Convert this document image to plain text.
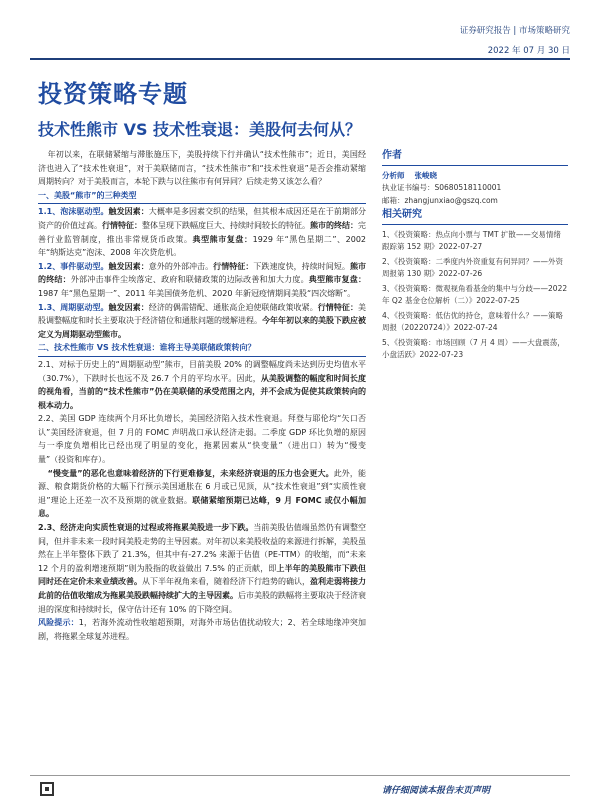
证券研究报告 | 市场策略研究
2022 年 07 月 30 日
投资策略专题
技术性熊市 VS 技术性衰退：美股何去何从？

年初以来，在联储紧缩与滞胀施压下，美股持续下行并确认“技术性熊市”；近日，美国经济也进入了“技术性衰退”，对于美联储而言，“技术性熊市”和“技术性衰退”是否会推动紧缩周期转向？对于美股而言，本轮下跌与以往熊市有何异同？后续走势又该怎么看？

一、美股“熊市”的三种类型

1.1、泡沫驱动型。触发因素：大概率是多因素交织的结果，但其根本成因还是在于前期部分资产的价值过高。行情特征：整体呈现下跌幅度巨大、持续时间较长的特征。熊市的终结：完善行业监管制度，推出非常规货币政策。典型熊市复盘：1929 年“黑色星期二”、2002 年“纳斯达克”泡沫、2008 年次贷危机。

1.2、事件驱动型。触发因素：意外的外部冲击。行情特征：下跌速度快，持续时间短。熊市的终结：外部冲击事件尘埃落定、政府和联储政策的边际改善和加大力度。典型熊市复盘：1987 年“黑色星期一”、2011 年美国债务危机、2020 年新冠疫情期间美股“四次熔断”。

1.3、周期驱动型。触发因素：经济的偶需错配、通胀高企迫使联储政策收紧。行情特征：美股调整幅度和时长主要取决于经济错位和通胀问题的缓解进程。今年年初以来的美股下跌应被定义为周期驱动型熊市。

二、技术性熊市 VS 技术性衰退：谁将主导美联储政策转向？

2.1、对标于历史上的“周期驱动型”熊市，目前美股 20% 的调整幅度尚未达到历史均值水平（30.7%），下跌时长也远不及 26.7 个月的平均水平。因此，从美股调整的幅度和时间长度的视角看，当前的“技术性熊市”仍在美联储的承受范围之内，并不会成为促使其政策转向的根本动力。

2.2、美国 GDP 连续两个月环比负增长，美国经济陷入技术性衰退。拜登与耶伦均“矢口否认”美国经济衰退，但 7 月的 FOMC 声明战口承认经济走弱。二季度 GDP 环比负增的原因与一季度负增相比已经出现了明显的变化，拖累因素从“快变量”（进出口）转为“慢变量”（投资和库存）。

“慢变量”的恶化也意味着经济的下行更难修复，未来经济衰退的压力也会更大。此外，能源、粮食期货价格的大幅下行预示美国通胀在 6 月或已见顶，从“技术性衰退”到“实质性衰退”理论上还差一次不及预期的就业数据。联储紧缩预期已达峰，9 月 FOMC 或仅小幅加息。

2.3、经济走向实质性衰退的过程或将拖累美股进一步下跌。当前美股估值端虽然仍有调整空间，但并非未来一段时间美股走势的主导因素。对年初以来美股收益的来源进行拆解，美股虽然在上半年整体下跌了 21.3%，但其中有-27.2% 来源于估值（PE-TTM）的收缩，而“未来 12 个月的盈利增速预期”则为股指的收益做出 7.5% 的正贡献，即上半年的美股熊市下跌但同时还在定价未来业绩改善。从下半年视角来看，随着经济下行趋势的确认，盈利走弱将接力此前的估值收缩成为拖累美股跌幅持续扩大的主导因素。后市美股的跌幅将主要取决于经济衰退的深度和持续时长，保守估计还有 10% 的下降空间。

风险提示：1，若海外流动性收缩超预期，对海外市场估值扰动较大；2、若全球地缘冲突加剧，将拖累全球复苏进程。

作者
分析师 张峻晓
执业证书编号：S0680518110001
邮箱：zhangjunxiao@gszq.com
相关研究

1、《投资策略：热点向小票与 TMT 扩散——交易情绪跟踪第 152 期》2022-07-27

2、《投资策略：二季度内外资重复有何异同？——外资周报第 130 期》2022-07-26

3、《投资策略：微观视角看基金的集中与分歧——2022 年 Q2 基金仓位解析（二）》2022-07-25

4、《投资策略：低估优的持仓，意味着什么？——策略周报（20220724）》2022-07-24

5、《投资策略：市场回顾（7 月 4 周）——大盘震荡，小盘活跃》2022-07-23

请仔细阅读本报告末页声明
